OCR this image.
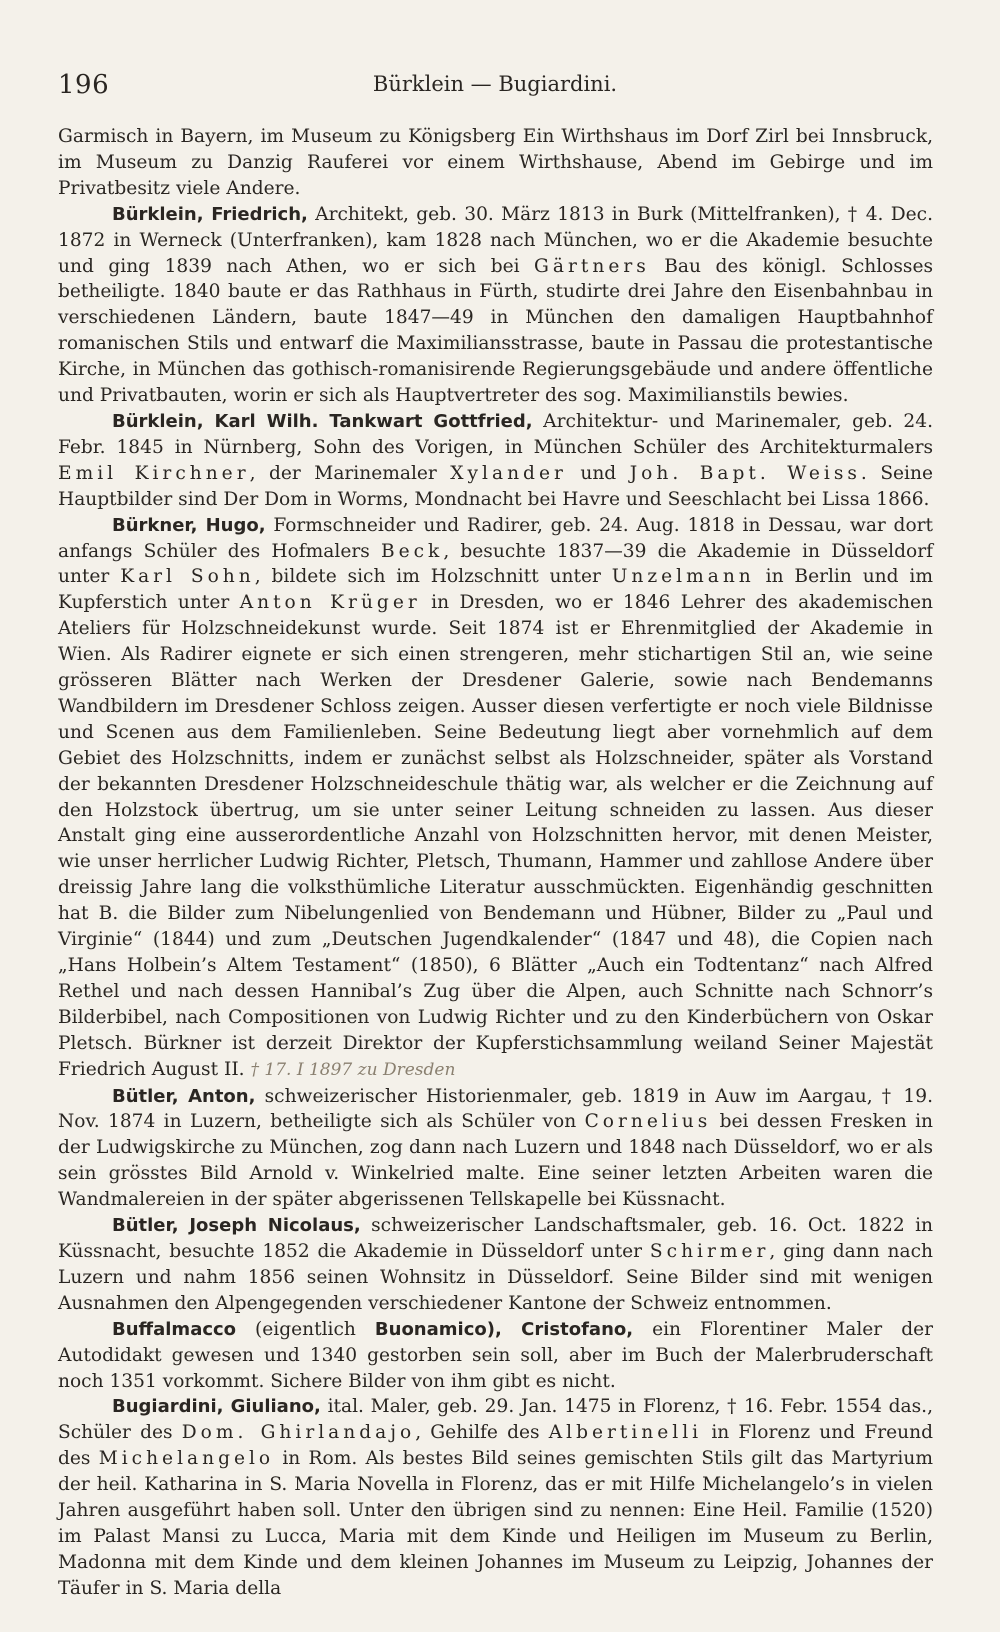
196	Bürklein — Bugiardini.

Garmisch in Bayern, im Museum zu Königsberg Ein Wirthshaus im Dorf Zirl bei Innsbruck, im Museum zu Danzig Rauferei vor einem Wirthshause, Abend im Gebirge und im Privatbesitz viele Andere.

Bürklein, Friedrich, Architekt, geb. 30. März 1813 in Burk (Mittelfranken), † 4. Dec. 1872 in Werneck (Unterfranken), kam 1828 nach München, wo er die Akademie besuchte und ging 1839 nach Athen, wo er sich bei Gärtners Bau des königl. Schlosses betheiligte. 1840 baute er das Rathhaus in Fürth, studirte drei Jahre den Eisenbahnbau in verschiedenen Ländern, baute 1847—49 in München den damaligen Hauptbahnhof romanischen Stils und entwarf die Maximiliansstrasse, baute in Passau die protestantische Kirche, in München das gothisch-romanisirende Regierungsgebäude und andere öffentliche und Privatbauten, worin er sich als Hauptvertreter des sog. Maximilianstils bewies.

Bürklein, Karl Wilh. Tankwart Gottfried, Architektur- und Marinemaler, geb. 24. Febr. 1845 in Nürnberg, Sohn des Vorigen, in München Schüler des Architekturmalers Emil Kirchner, der Marinemaler Xylander und Joh. Bapt. Weiss. Seine Hauptbilder sind Der Dom in Worms, Mondnacht bei Havre und Seeschlacht bei Lissa 1866.

Bürkner, Hugo, Formschneider und Radirer, geb. 24. Aug. 1818 in Dessau, war dort anfangs Schüler des Hofmalers Beck, besuchte 1837—39 die Akademie in Düsseldorf unter Karl Sohn, bildete sich im Holzschnitt unter Unzelmann in Berlin und im Kupferstich unter Anton Krüger in Dresden, wo er 1846 Lehrer des akademischen Ateliers für Holzschneidekunst wurde. Seit 1874 ist er Ehrenmitglied der Akademie in Wien. Als Radirer eignete er sich einen strengeren, mehr stichartigen Stil an, wie seine grösseren Blätter nach Werken der Dresdener Galerie, sowie nach Bendemanns Wandbildern im Dresdener Schloss zeigen. Ausser diesen verfertigte er noch viele Bildnisse und Scenen aus dem Familienleben. Seine Bedeutung liegt aber vornehmlich auf dem Gebiet des Holzschnitts, indem er zunächst selbst als Holzschneider, später als Vorstand der bekannten Dresdener Holzschneideschule thätig war, als welcher er die Zeichnung auf den Holzstock übertrug, um sie unter seiner Leitung schneiden zu lassen. Aus dieser Anstalt ging eine ausserordentliche Anzahl von Holzschnitten hervor, mit denen Meister, wie unser herrlicher Ludwig Richter, Pletsch, Thumann, Hammer und zahllose Andere über dreissig Jahre lang die volksthümliche Literatur ausschmückten. Eigenhändig geschnitten hat B. die Bilder zum Nibelungenlied von Bendemann und Hübner, Bilder zu „Paul und Virginie“ (1844) und zum „Deutschen Jugendkalender“ (1847 und 48), die Copien nach „Hans Holbein’s Altem Testament“ (1850), 6 Blätter „Auch ein Todtentanz“ nach Alfred Rethel und nach dessen Hannibal’s Zug über die Alpen, auch Schnitte nach Schnorr’s Bilderbibel, nach Compositionen von Ludwig Richter und zu den Kinderbüchern von Oskar Pletsch. Bürkner ist derzeit Direktor der Kupferstichsammlung weiland Seiner Majestät Friedrich August II. † 17. I 1897 zu Dresden

Bütler, Anton, schweizerischer Historienmaler, geb. 1819 in Auw im Aargau, † 19. Nov. 1874 in Luzern, betheiligte sich als Schüler von Cornelius bei dessen Fresken in der Ludwigskirche zu München, zog dann nach Luzern und 1848 nach Düsseldorf, wo er als sein grösstes Bild Arnold v. Winkelried malte. Eine seiner letzten Arbeiten waren die Wandmalereien in der später abgerissenen Tellskapelle bei Küssnacht.

Bütler, Joseph Nicolaus, schweizerischer Landschaftsmaler, geb. 16. Oct. 1822 in Küssnacht, besuchte 1852 die Akademie in Düsseldorf unter Schirmer, ging dann nach Luzern und nahm 1856 seinen Wohnsitz in Düsseldorf. Seine Bilder sind mit wenigen Ausnahmen den Alpengegenden verschiedener Kantone der Schweiz entnommen.

Buffalmacco (eigentlich Buonamico), Cristofano, ein Florentiner Maler der Autodidakt gewesen und 1340 gestorben sein soll, aber im Buch der Malerbruderschaft noch 1351 vorkommt. Sichere Bilder von ihm gibt es nicht.

Bugiardini, Giuliano, ital. Maler, geb. 29. Jan. 1475 in Florenz, † 16. Febr. 1554 das., Schüler des Dom. Ghirlandajo, Gehilfe des Albertinelli in Florenz und Freund des Michelangelo in Rom. Als bestes Bild seines gemischten Stils gilt das Martyrium der heil. Katharina in S. Maria Novella in Florenz, das er mit Hilfe Michelangelo’s in vielen Jahren ausgeführt haben soll. Unter den übrigen sind zu nennen: Eine Heil. Familie (1520) im Palast Mansi zu Lucca, Maria mit dem Kinde und Heiligen im Museum zu Berlin, Madonna mit dem Kinde und dem kleinen Johannes im Museum zu Leipzig, Johannes der Täufer in S. Maria della
